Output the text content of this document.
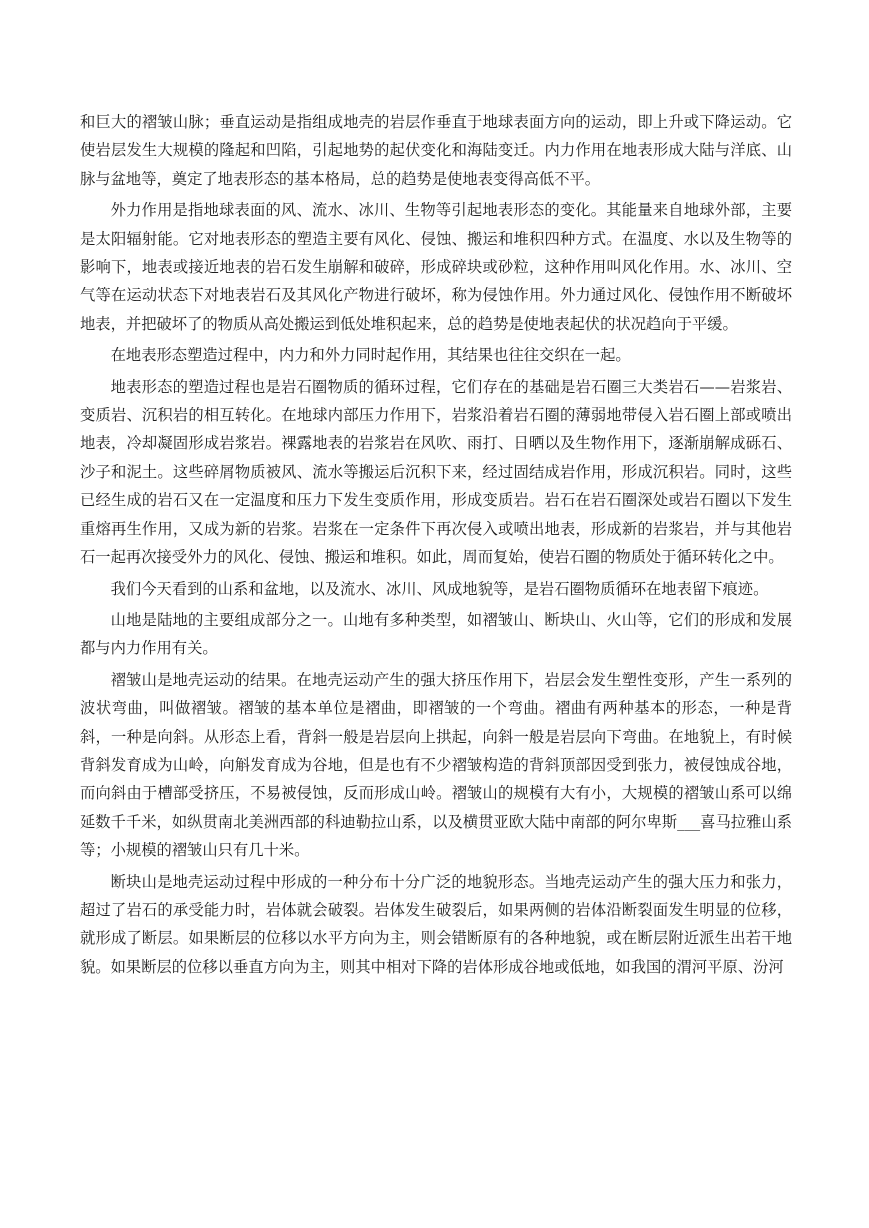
和巨大的褶皱山脉；垂直运动是指组成地壳的岩层作垂直于地球表面方向的运动，即上升或下降运动。它使岩层发生大规模的隆起和凹陷，引起地势的起伏变化和海陆变迁。内力作用在地表形成大陆与洋底、山脉与盆地等，奠定了地表形态的基本格局，总的趋势是使地表变得高低不平。

外力作用是指地球表面的风、流水、冰川、生物等引起地表形态的变化。其能量来自地球外部，主要是太阳辐射能。它对地表形态的塑造主要有风化、侵蚀、搬运和堆积四种方式。在温度、水以及生物等的影响下，地表或接近地表的岩石发生崩解和破碎，形成碎块或砂粒，这种作用叫风化作用。水、冰川、空气等在运动状态下对地表岩石及其风化产物进行破坏，称为侵蚀作用。外力通过风化、侵蚀作用不断破坏地表，并把破坏了的物质从高处搬运到低处堆积起来，总的趋势是使地表起伏的状况趋向于平缓。

在地表形态塑造过程中，内力和外力同时起作用，其结果也往往交织在一起。

地表形态的塑造过程也是岩石圈物质的循环过程，它们存在的基础是岩石圈三大类岩石——岩浆岩、变质岩、沉积岩的相互转化。在地球内部压力作用下，岩浆沿着岩石圈的薄弱地带侵入岩石圈上部或喷出地表，冷却凝固形成岩浆岩。裸露地表的岩浆岩在风吹、雨打、日晒以及生物作用下，逐渐崩解成砾石、沙子和泥土。这些碎屑物质被风、流水等搬运后沉积下来，经过固结成岩作用，形成沉积岩。同时，这些已经生成的岩石又在一定温度和压力下发生变质作用，形成变质岩。岩石在岩石圈深处或岩石圈以下发生重熔再生作用，又成为新的岩浆。岩浆在一定条件下再次侵入或喷出地表，形成新的岩浆岩，并与其他岩石一起再次接受外力的风化、侵蚀、搬运和堆积。如此，周而复始，使岩石圈的物质处于循环转化之中。

我们今天看到的山系和盆地，以及流水、冰川、风成地貌等，是岩石圈物质循环在地表留下痕迹。

山地是陆地的主要组成部分之一。山地有多种类型，如褶皱山、断块山、火山等，它们的形成和发展都与内力作用有关。

褶皱山是地壳运动的结果。在地壳运动产生的强大挤压作用下，岩层会发生塑性变形，产生一系列的波状弯曲，叫做褶皱。褶皱的基本单位是褶曲，即褶皱的一个弯曲。褶曲有两种基本的形态，一种是背斜，一种是向斜。从形态上看，背斜一般是岩层向上拱起，向斜一般是岩层向下弯曲。在地貌上，有时候背斜发育成为山岭，向斛发育成为谷地，但是也有不少褶皱构造的背斜顶部因受到张力，被侵蚀成谷地，而向斜由于槽部受挤压，不易被侵蚀，反而形成山岭。褶皱山的规模有大有小，大规模的褶皱山系可以绵延数千千米，如纵贯南北美洲西部的科迪勒拉山系，以及横贯亚欧大陆中南部的阿尔卑斯___喜马拉雅山系等；小规模的褶皱山只有几十米。

断块山是地壳运动过程中形成的一种分布十分广泛的地貌形态。当地壳运动产生的强大压力和张力，超过了岩石的承受能力时，岩体就会破裂。岩体发生破裂后，如果两侧的岩体沿断裂面发生明显的位移，就形成了断层。如果断层的位移以水平方向为主，则会错断原有的各种地貌，或在断层附近派生出若干地貌。如果断层的位移以垂直方向为主，则其中相对下降的岩体形成谷地或低地，如我国的渭河平原、汾河
